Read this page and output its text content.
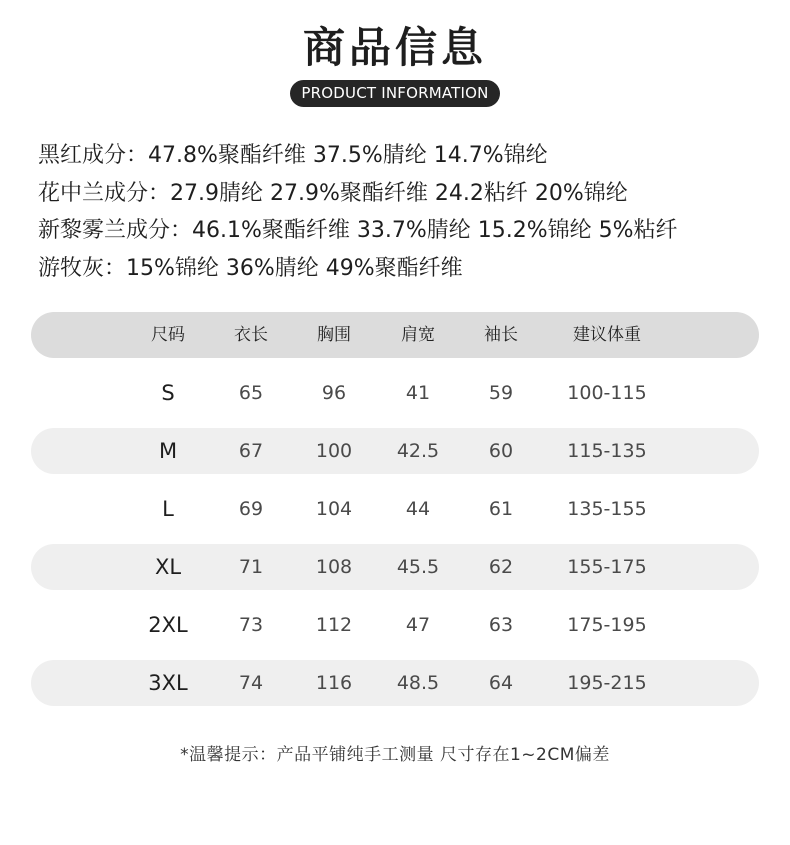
商品信息
PRODUCT INFORMATION
黑红成分：47.8%聚酯纤维 37.5%腈纶 14.7%锦纶
花中兰成分：27.9腈纶 27.9%聚酯纤维 24.2粘纤 20%锦纶
新黎雾兰成分：46.1%聚酯纤维 33.7%腈纶 15.2%锦纶 5%粘纤
游牧灰：15%锦纶 36%腈纶 49%聚酯纤维
尺码	衣长	胸围	肩宽	袖长	建议体重
S	65	96	41	59	100-115
M	67	100	42.5	60	115-135
L	69	104	44	61	135-155
XL	71	108	45.5	62	155-175
2XL	73	112	47	63	175-195
3XL	74	116	48.5	64	195-215
*温馨提示：产品平铺纯手工测量 尺寸存在1~2CM偏差
